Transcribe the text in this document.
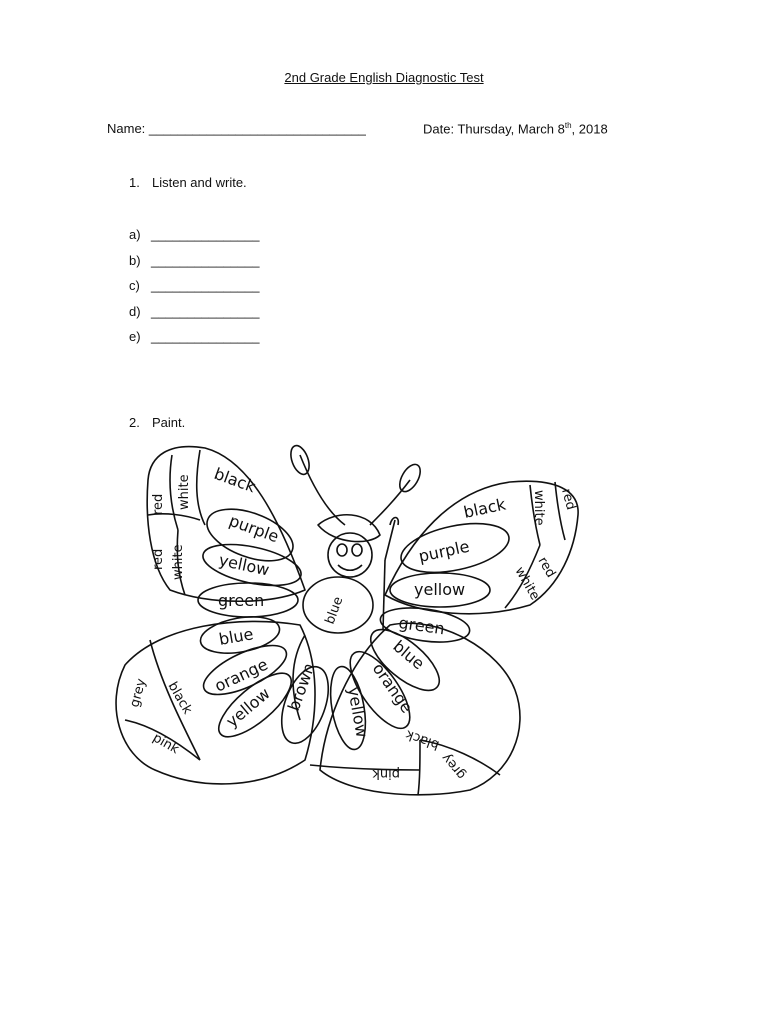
2nd Grade English Diagnostic Test
Name: ______________________________	Date: Thursday, March 8th, 2018
1. Listen and write.
a) _______________
b) _______________
c) _______________
d) _______________
e) _______________
2. Paint.
red white black
red white
purple
yellow
green
black white red
purple
white
red
yellow
green
blue
blue
orange
yellow brown
grey black
pink
blue
orange
yellow
black
grey
pink
